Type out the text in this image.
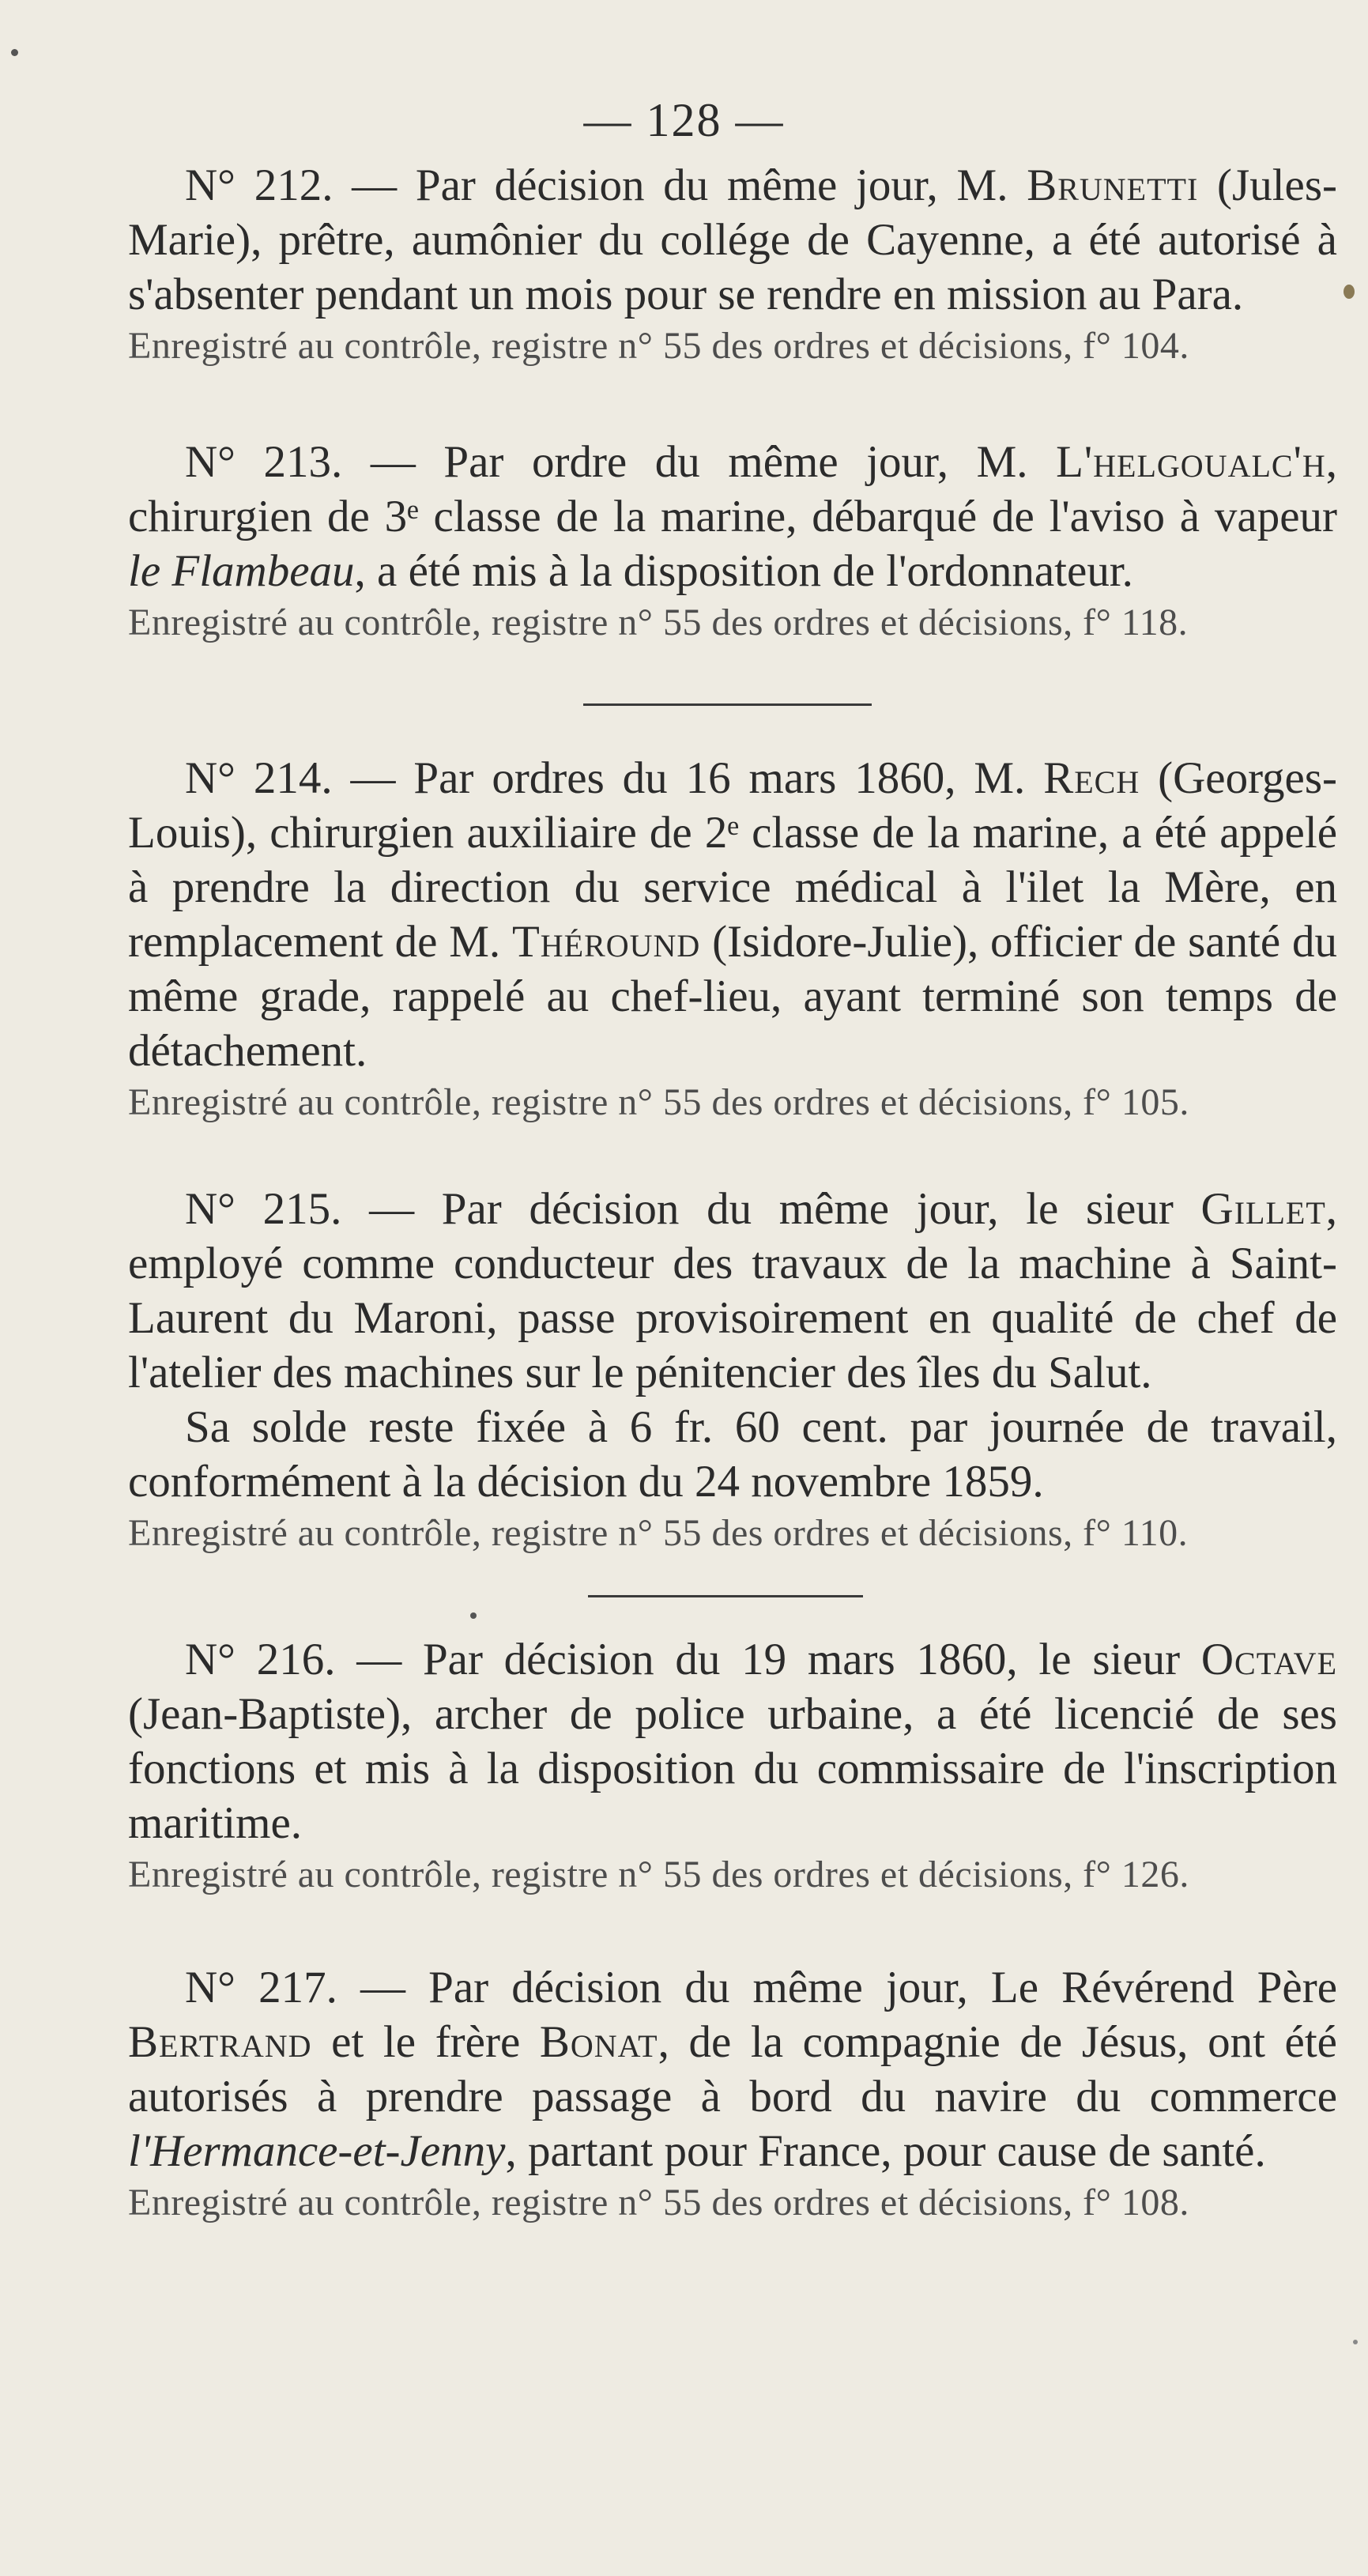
— 128 —

N° 212. — Par décision du même jour, M. Brunetti (Jules-Marie), prêtre, aumônier du collége de Cayenne, a été autorisé à s'absenter pendant un mois pour se rendre en mission au Para.

Enregistré au contrôle, registre n° 55 des ordres et décisions, f° 104.

N° 213. — Par ordre du même jour, M. L'helgoualc'h, chirurgien de 3ᵉ classe de la marine, débarqué de l'aviso à vapeur le Flambeau, a été mis à la disposition de l'ordonnateur.

Enregistré au contrôle, registre n° 55 des ordres et décisions, f° 118.

N° 214. — Par ordres du 16 mars 1860, M. Rech (Georges-Louis), chirurgien auxiliaire de 2ᵉ classe de la marine, a été appelé à prendre la direction du service médical à l'ilet la Mère, en remplacement de M. Théround (Isidore-Julie), officier de santé du même grade, rappelé au chef-lieu, ayant terminé son temps de détachement.

Enregistré au contrôle, registre n° 55 des ordres et décisions, f° 105.

N° 215. — Par décision du même jour, le sieur Gillet, employé comme conducteur des travaux de la machine à Saint-Laurent du Maroni, passe provisoirement en qualité de chef de l'atelier des machines sur le pénitencier des îles du Salut.

Sa solde reste fixée à 6 fr. 60 cent. par journée de travail, conformément à la décision du 24 novembre 1859.

Enregistré au contrôle, registre n° 55 des ordres et décisions, f° 110.

N° 216. — Par décision du 19 mars 1860, le sieur Octave (Jean-Baptiste), archer de police urbaine, a été licencié de ses fonctions et mis à la disposition du commissaire de l'inscription maritime.

Enregistré au contrôle, registre n° 55 des ordres et décisions, f° 126.

N° 217. — Par décision du même jour, Le Révérend Père Bertrand et le frère Bonat, de la compagnie de Jésus, ont été autorisés à prendre passage à bord du navire du commerce l'Hermance-et-Jenny, partant pour France, pour cause de santé.

Enregistré au contrôle, registre n° 55 des ordres et décisions, f° 108.
